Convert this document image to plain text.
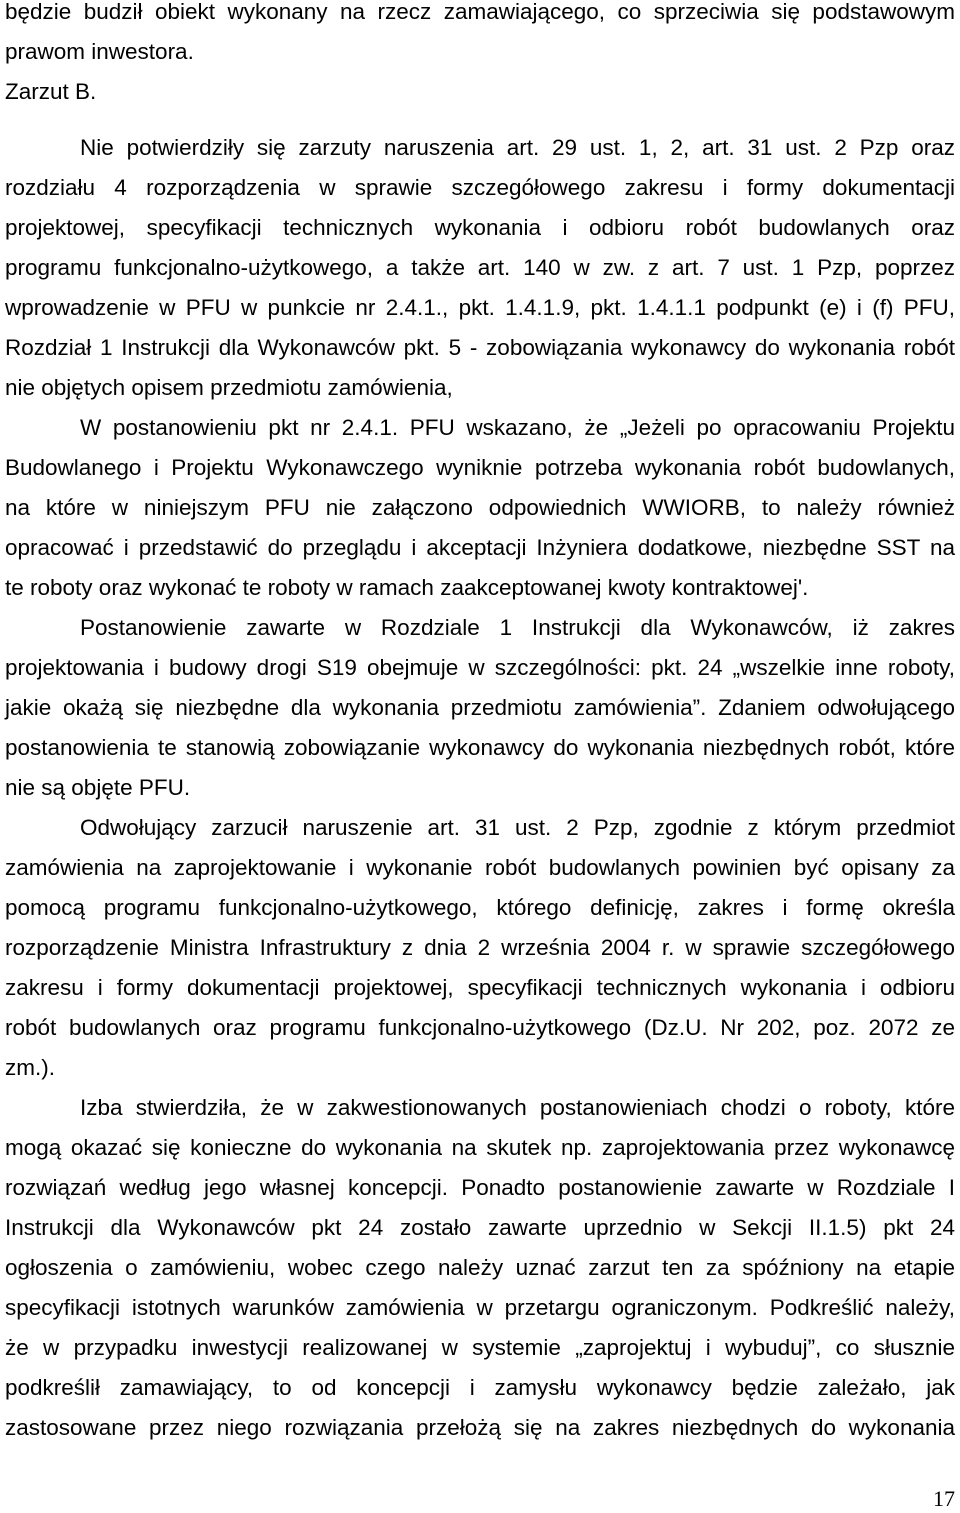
będzie budził obiekt wykonany na rzecz zamawiającego, co sprzeciwia się podstawowym
prawom inwestora.
Zarzut B.
Nie potwierdziły się zarzuty naruszenia art. 29 ust. 1, 2, art. 31 ust. 2 Pzp oraz
rozdziału 4 rozporządzenia w sprawie szczegółowego zakresu i formy dokumentacji
projektowej, specyfikacji technicznych wykonania i odbioru robót budowlanych oraz
programu funkcjonalno-użytkowego, a także art. 140 w zw. z art. 7 ust. 1 Pzp, poprzez
wprowadzenie w PFU w punkcie nr 2.4.1., pkt. 1.4.1.9, pkt. 1.4.1.1 podpunkt (e) i (f) PFU,
Rozdział 1 Instrukcji dla Wykonawców pkt. 5 - zobowiązania wykonawcy do wykonania robót
nie objętych opisem przedmiotu zamówienia,
W postanowieniu pkt nr 2.4.1. PFU wskazano, że „Jeżeli po opracowaniu Projektu
Budowlanego i Projektu Wykonawczego wyniknie potrzeba wykonania robót budowlanych,
na które w niniejszym PFU nie załączono odpowiednich WWIORB, to należy również
opracować i przedstawić do przeglądu i akceptacji Inżyniera dodatkowe, niezbędne SST na
te roboty oraz wykonać te roboty w ramach zaakceptowanej kwoty kontraktowej'.
Postanowienie zawarte w Rozdziale 1 Instrukcji dla Wykonawców, iż zakres
projektowania i budowy drogi S19 obejmuje w szczególności: pkt. 24 „wszelkie inne roboty,
jakie okażą się niezbędne dla wykonania przedmiotu zamówienia”. Zdaniem odwołującego
postanowienia te stanowią zobowiązanie wykonawcy do wykonania niezbędnych robót, które
nie są objęte PFU.
Odwołujący zarzucił naruszenie art. 31 ust. 2 Pzp, zgodnie z którym przedmiot
zamówienia na zaprojektowanie i wykonanie robót budowlanych powinien być opisany za
pomocą programu funkcjonalno-użytkowego, którego definicję, zakres i formę określa
rozporządzenie Ministra Infrastruktury z dnia 2 września 2004 r. w sprawie szczegółowego
zakresu i formy dokumentacji projektowej, specyfikacji technicznych wykonania i odbioru
robót budowlanych oraz programu funkcjonalno-użytkowego (Dz.U. Nr 202, poz. 2072 ze
zm.).
Izba stwierdziła, że w zakwestionowanych postanowieniach chodzi o roboty, które
mogą okazać się konieczne do wykonania na skutek np. zaprojektowania przez wykonawcę
rozwiązań według jego własnej koncepcji. Ponadto postanowienie zawarte w Rozdziale I
Instrukcji dla Wykonawców pkt 24 zostało zawarte uprzednio w Sekcji II.1.5) pkt 24
ogłoszenia o zamówieniu, wobec czego należy uznać zarzut ten za spóźniony na etapie
specyfikacji istotnych warunków zamówienia w przetargu ograniczonym. Podkreślić należy,
że w przypadku inwestycji realizowanej w systemie „zaprojektuj i wybuduj”, co słusznie
podkreślił zamawiający, to od koncepcji i zamysłu wykonawcy będzie zależało, jak
zastosowane przez niego rozwiązania przełożą się na zakres niezbędnych do wykonania
17
